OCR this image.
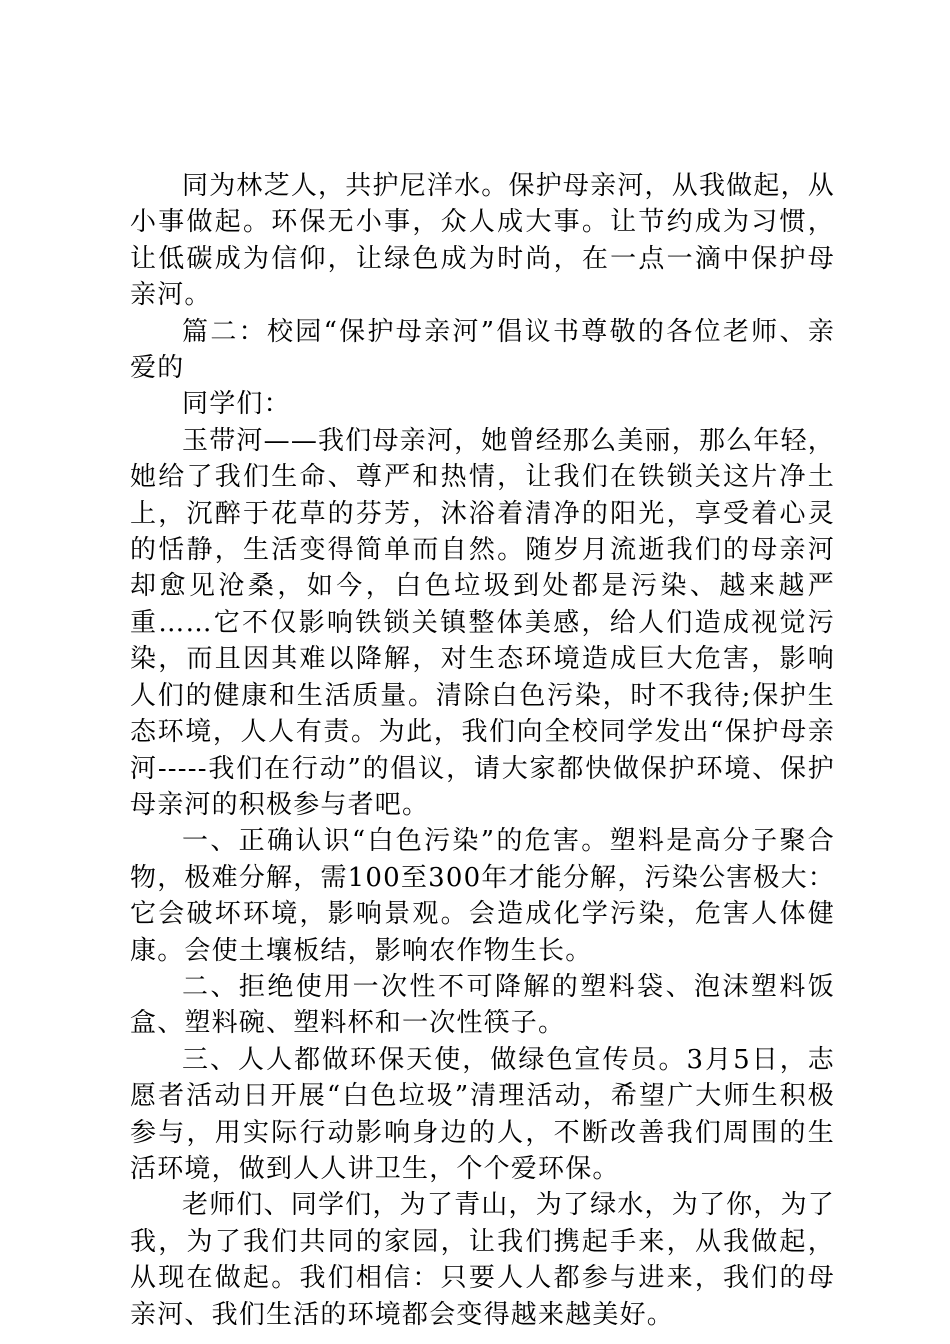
同为林芝人，共护尼洋水。保护母亲河，从我做起，从小事做起。环保无小事，众人成大事。让节约成为习惯，让低碳成为信仰，让绿色成为时尚，在一点一滴中保护母亲河。

篇二：校园“保护母亲河”倡议书尊敬的各位老师、亲爱的

同学们：

玉带河——我们母亲河，她曾经那么美丽，那么年轻，她给了我们生命、尊严和热情，让我们在铁锁关这片净土上，沉醉于花草的芬芳，沐浴着清净的阳光，享受着心灵的恬静，生活变得简单而自然。随岁月流逝我们的母亲河却愈见沧桑，如今，白色垃圾到处都是污染、越来越严重……它不仅影响铁锁关镇整体美感，给人们造成视觉污染，而且因其难以降解，对生态环境造成巨大危害，影响人们的健康和生活质量。清除白色污染，时不我待;保护生态环境，人人有责。为此，我们向全校同学发出“保护母亲河-----我们在行动”的倡议，请大家都快做保护环境、保护母亲河的积极参与者吧。

一、正确认识“白色污染”的危害。塑料是高分子聚合物，极难分解，需100至300年才能分解，污染公害极大：它会破坏环境，影响景观。会造成化学污染，危害人体健康。会使土壤板结，影响农作物生长。

二、拒绝使用一次性不可降解的塑料袋、泡沫塑料饭盒、塑料碗、塑料杯和一次性筷子。

三、人人都做环保天使，做绿色宣传员。3月5日，志愿者活动日开展“白色垃圾”清理活动，希望广大师生积极参与，用实际行动影响身边的人，不断改善我们周围的生活环境，做到人人讲卫生，个个爱环保。

老师们、同学们，为了青山，为了绿水，为了你，为了我，为了我们共同的家园，让我们携起手来，从我做起，从现在做起。我们相信：只要人人都参与进来，我们的母亲河、我们生活的环境都会变得越来越美好。
